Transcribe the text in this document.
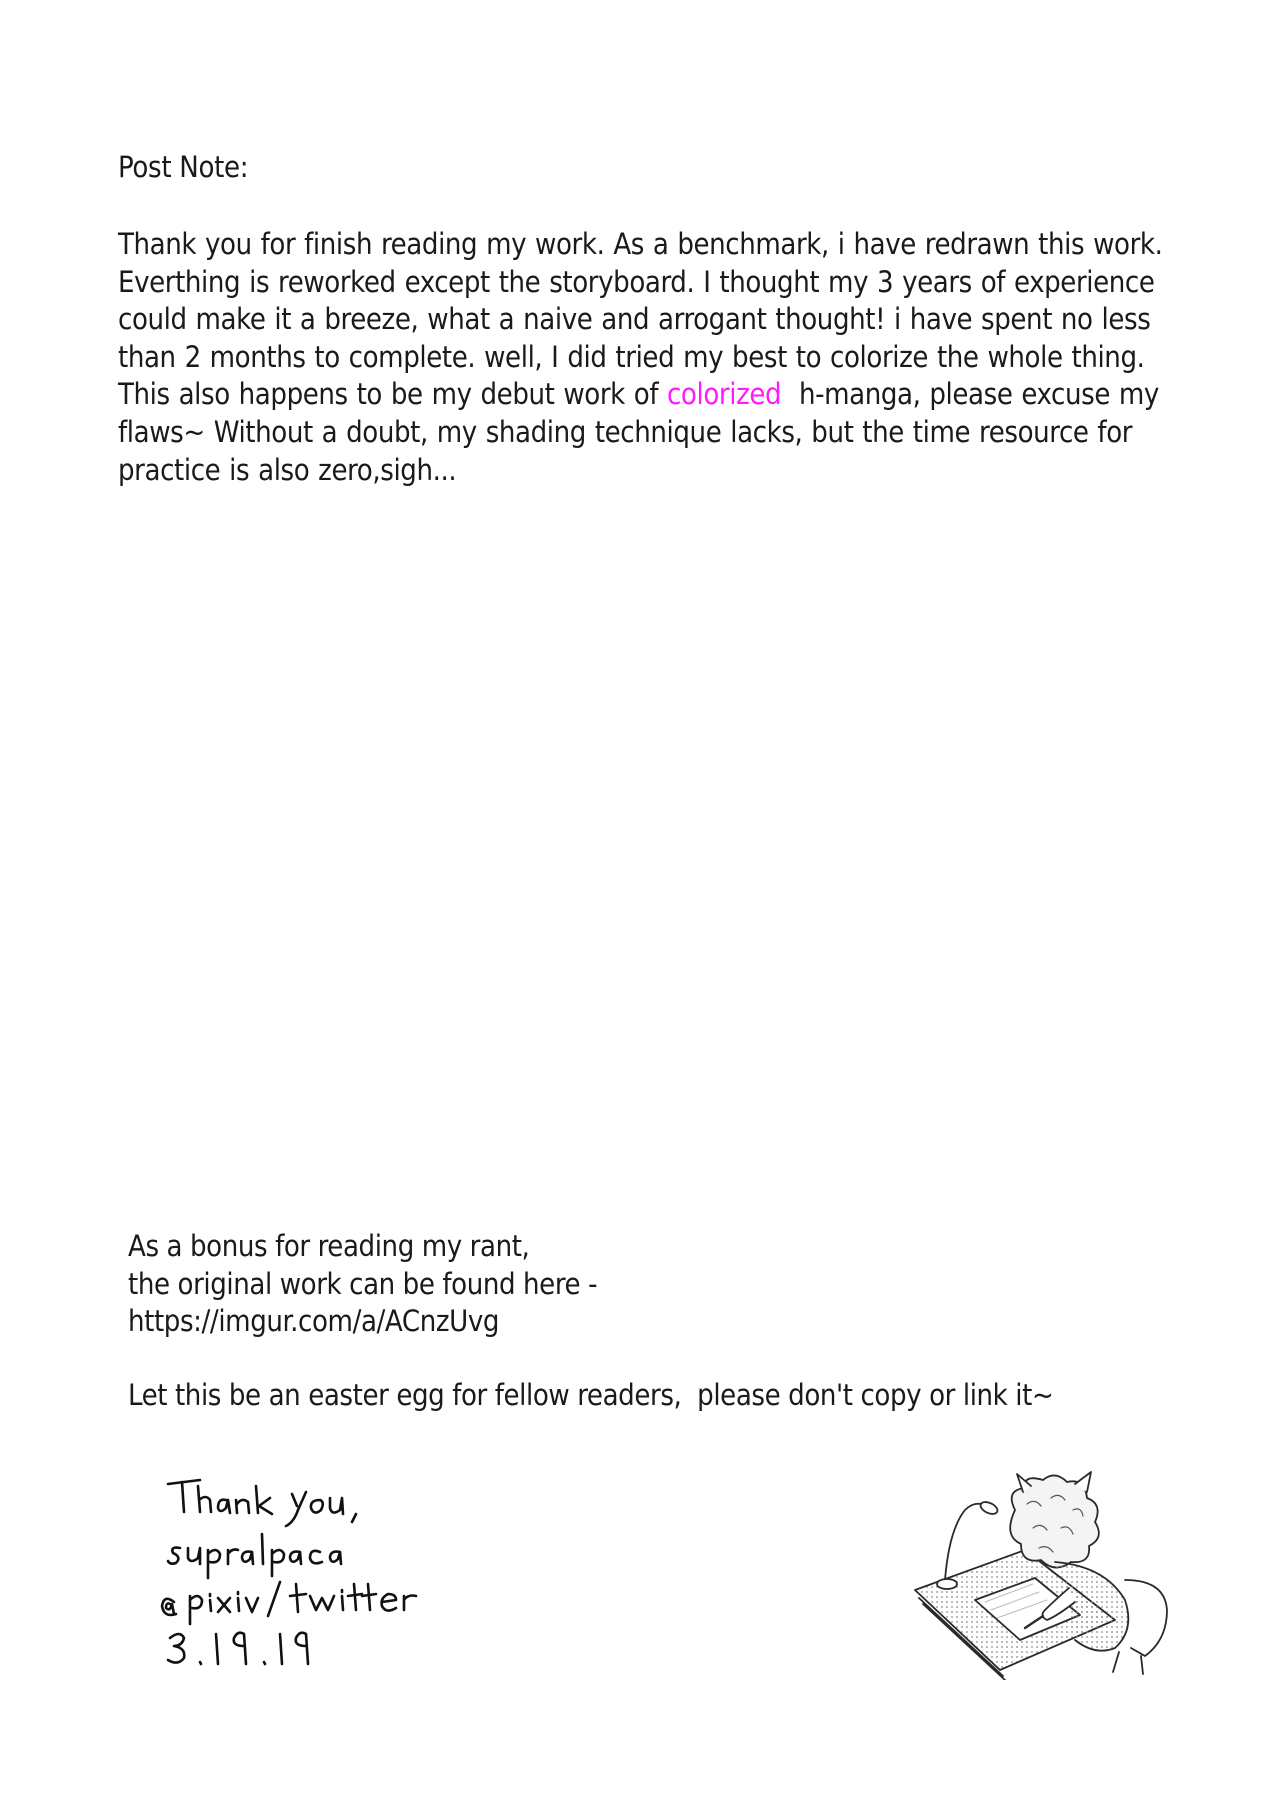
Post Note:

Thank you for finish reading my work. As a benchmark, i have redrawn this work.
Everthing is reworked except the storyboard. I thought my 3 years of experience
could make it a breeze, what a naive and arrogant thought! i have spent no less
than 2 months to complete. well, I did tried my best to colorize the whole thing.
This also happens to be my debut work of colorized  h-manga, please excuse my
flaws~ Without a doubt, my shading technique lacks, but the time resource for
practice is also zero,sigh...

As a bonus for reading my rant,
the original work can be found here -
https://imgur.com/a/ACnzUvg

Let this be an easter egg for fellow readers,  please don't copy or link it~
